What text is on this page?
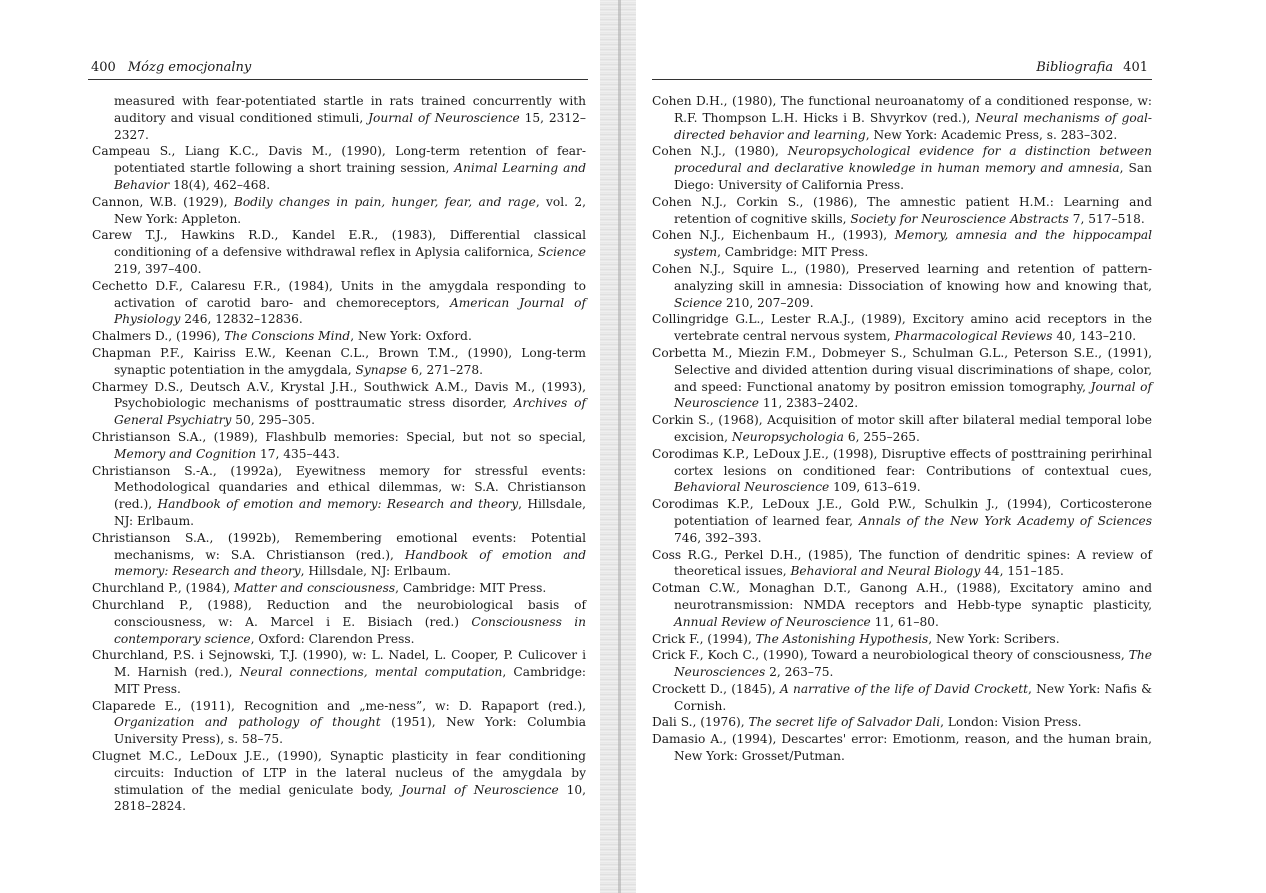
400 Mózg emocjonalny
measured with fear-potentiated startle in rats trained concurrently with auditory and visual conditioned stimuli, Journal of Neuroscience 15, 2312–2327.
Campeau S., Liang K.C., Davis M., (1990), Long-term retention of fear-potentiated startle following a short training session, Animal Learning and Behavior 18(4), 462–468.
Cannon, W.B. (1929), Bodily changes in pain, hunger, fear, and rage, vol. 2, New York: Appleton.
Carew T.J., Hawkins R.D., Kandel E.R., (1983), Differential classical conditioning of a defensive withdrawal reflex in Aplysia californica, Science 219, 397–400.
Cechetto D.F., Calaresu F.R., (1984), Units in the amygdala responding to activation of carotid baro- and chemoreceptors, American Journal of Physiology 246, 12832–12836.
Chalmers D., (1996), The Conscions Mind, New York: Oxford.
Chapman P.F., Kairiss E.W., Keenan C.L., Brown T.M., (1990), Long-term synaptic potentiation in the amygdala, Synapse 6, 271–278.
Charmey D.S., Deutsch A.V., Krystal J.H., Southwick A.M., Davis M., (1993), Psychobiologic mechanisms of posttraumatic stress disorder, Archives of General Psychiatry 50, 295–305.
Christianson S.A., (1989), Flashbulb memories: Special, but not so special, Memory and Cognition 17, 435–443.
Christianson S.-A., (1992a), Eyewitness memory for stressful events: Methodological quandaries and ethical dilemmas, w: S.A. Christianson (red.), Handbook of emotion and memory: Research and theory, Hillsdale, NJ: Erlbaum.
Christianson S.A., (1992b), Remembering emotional events: Potential mechanisms, w: S.A. Christianson (red.), Handbook of emotion and memory: Research and theory, Hillsdale, NJ: Erlbaum.
Churchland P., (1984), Matter and consciousness, Cambridge: MIT Press.
Churchland P., (1988), Reduction and the neurobiological basis of consciousness, w: A. Marcel i E. Bisiach (red.) Consciousness in contemporary science, Oxford: Clarendon Press.
Churchland, P.S. i Sejnowski, T.J. (1990), w: L. Nadel, L. Cooper, P. Culicover i M. Harnish (red.), Neural connections, mental computation, Cambridge: MIT Press.
Claparede E., (1911), Recognition and „me-ness”, w: D. Rapaport (red.), Organization and pathology of thought (1951), New York: Columbia University Press), s. 58–75.
Clugnet M.C., LeDoux J.E., (1990), Synaptic plasticity in fear conditioning circuits: Induction of LTP in the lateral nucleus of the amygdala by stimulation of the medial geniculate body, Journal of Neuroscience 10, 2818–2824.
Bibliografia 401
Cohen D.H., (1980), The functional neuroanatomy of a conditioned response, w: R.F. Thompson L.H. Hicks i B. Shvyrkov (red.), Neural mechanisms of goal-directed behavior and learning, New York: Academic Press, s. 283–302.
Cohen N.J., (1980), Neuropsychological evidence for a distinction between procedural and declarative knowledge in human memory and amnesia, San Diego: University of California Press.
Cohen N.J., Corkin S., (1986), The amnestic patient H.M.: Learning and retention of cognitive skills, Society for Neuroscience Abstracts 7, 517–518.
Cohen N.J., Eichenbaum H., (1993), Memory, amnesia and the hippocampal system, Cambridge: MIT Press.
Cohen N.J., Squire L., (1980), Preserved learning and retention of pattern-analyzing skill in amnesia: Dissociation of knowing how and knowing that, Science 210, 207–209.
Collingridge G.L., Lester R.A.J., (1989), Excitory amino acid receptors in the vertebrate central nervous system, Pharmacological Reviews 40, 143–210.
Corbetta M., Miezin F.M., Dobmeyer S., Schulman G.L., Peterson S.E., (1991), Selective and divided attention during visual discriminations of shape, color, and speed: Functional anatomy by positron emission tomography, Journal of Neuroscience 11, 2383–2402.
Corkin S., (1968), Acquisition of motor skill after bilateral medial temporal lobe excision, Neuropsychologia 6, 255–265.
Corodimas K.P., LeDoux J.E., (1998), Disruptive effects of posttraining perirhinal cortex lesions on conditioned fear: Contributions of contextual cues, Behavioral Neuroscience 109, 613–619.
Corodimas K.P., LeDoux J.E., Gold P.W., Schulkin J., (1994), Corticosterone potentiation of learned fear, Annals of the New York Academy of Sciences 746, 392–393.
Coss R.G., Perkel D.H., (1985), The function of dendritic spines: A review of theoretical issues, Behavioral and Neural Biology 44, 151–185.
Cotman C.W., Monaghan D.T., Ganong A.H., (1988), Excitatory amino and neurotransmission: NMDA receptors and Hebb-type synaptic plasticity, Annual Review of Neuroscience 11, 61–80.
Crick F., (1994), The Astonishing Hypothesis, New York: Scribers.
Crick F., Koch C., (1990), Toward a neurobiological theory of consciousness, The Neurosciences 2, 263–75.
Crockett D., (1845), A narrative of the life of David Crockett, New York: Nafis & Cornish.
Dali S., (1976), The secret life of Salvador Dali, London: Vision Press.
Damasio A., (1994), Descartes' error: Emotionm, reason, and the human brain, New York: Grosset/Putman.
